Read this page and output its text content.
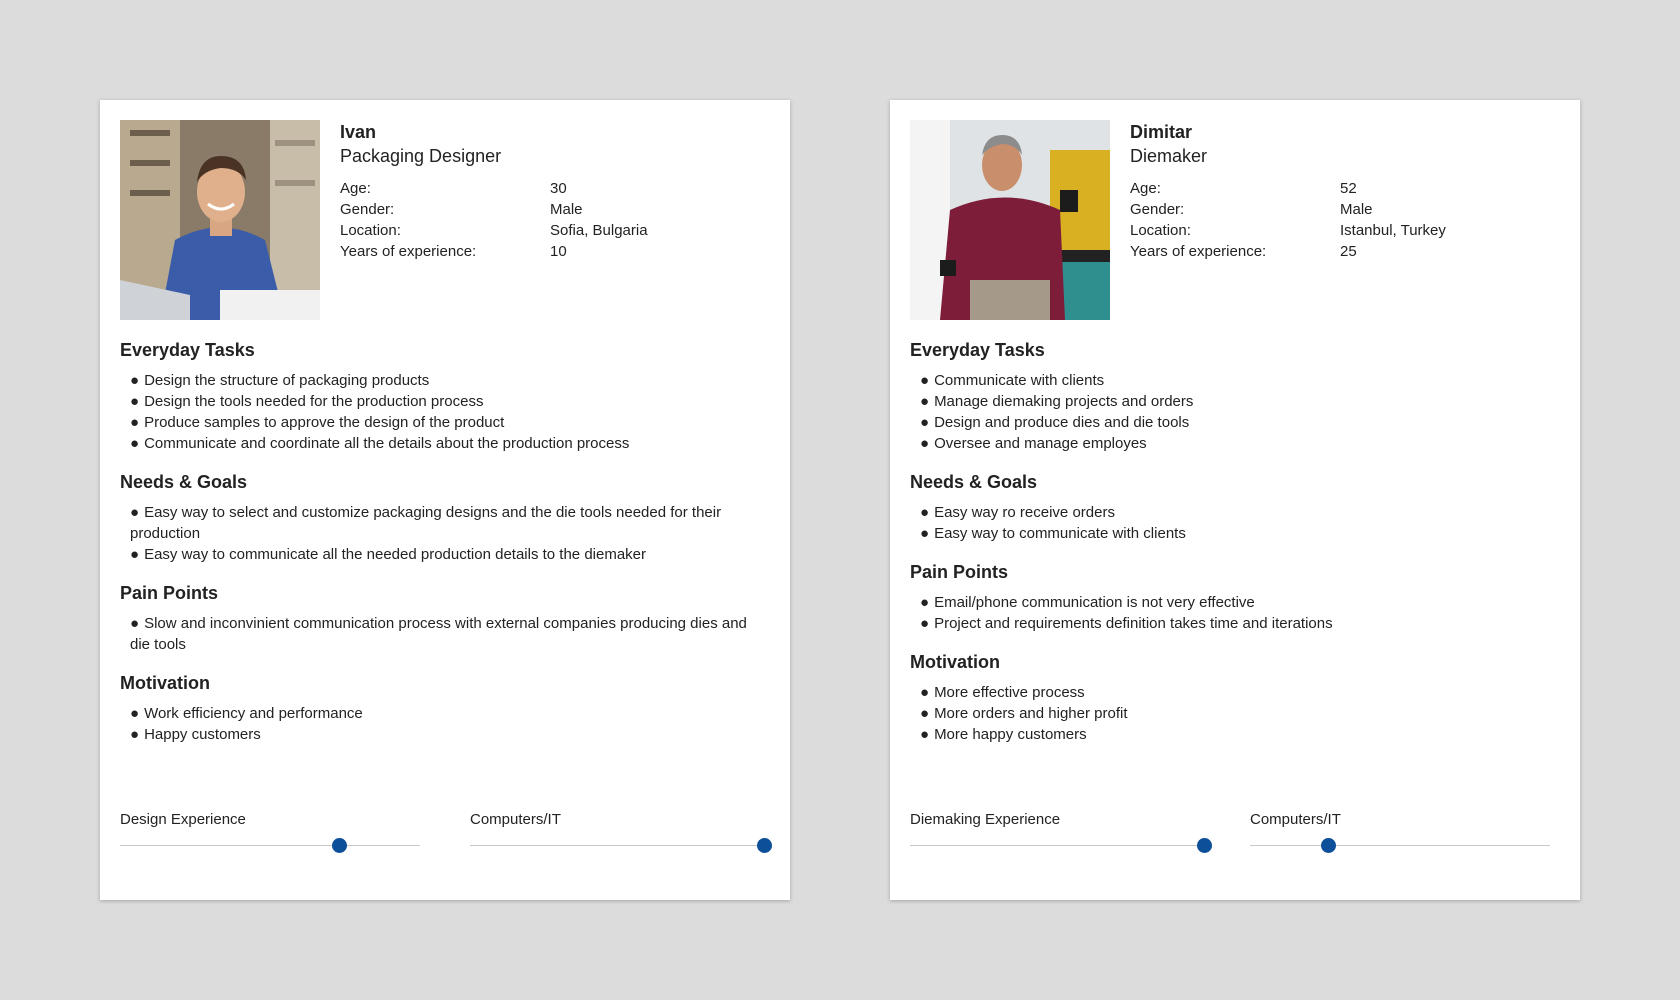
Ivan

Packaging Designer

Age:	30
Gender:	Male
Location:	Sofia, Bulgaria
Years of experience:	10
Everyday Tasks
● Design the structure of packaging products
● Design the tools needed for the production process
● Produce samples to approve the design of the product
● Communicate and coordinate all the details about the production process
Needs & Goals
● Easy way to select and customize packaging designs and the die tools needed for their production
● Easy way to communicate all the needed production details to the diemaker
Pain Points
● Slow and inconvinient communication process with external companies producing dies and die tools
Motivation
● Work efficiency and performance
● Happy customers
Design Experience	Computers/IT
Dimitar

Diemaker

Age:	52
Gender:	Male
Location:	Istanbul, Turkey
Years of experience:	25
Everyday Tasks
● Communicate with clients
● Manage diemaking projects and orders
● Design and produce dies and die tools
● Oversee and manage employes
Needs & Goals
● Easy way ro receive orders
● Easy way to communicate with clients
Pain Points
● Email/phone communication is not very effective
● Project and requirements definition takes time and iterations
Motivation
● More effective process
● More orders and higher profit
● More happy customers
Diemaking Experience	Computers/IT
